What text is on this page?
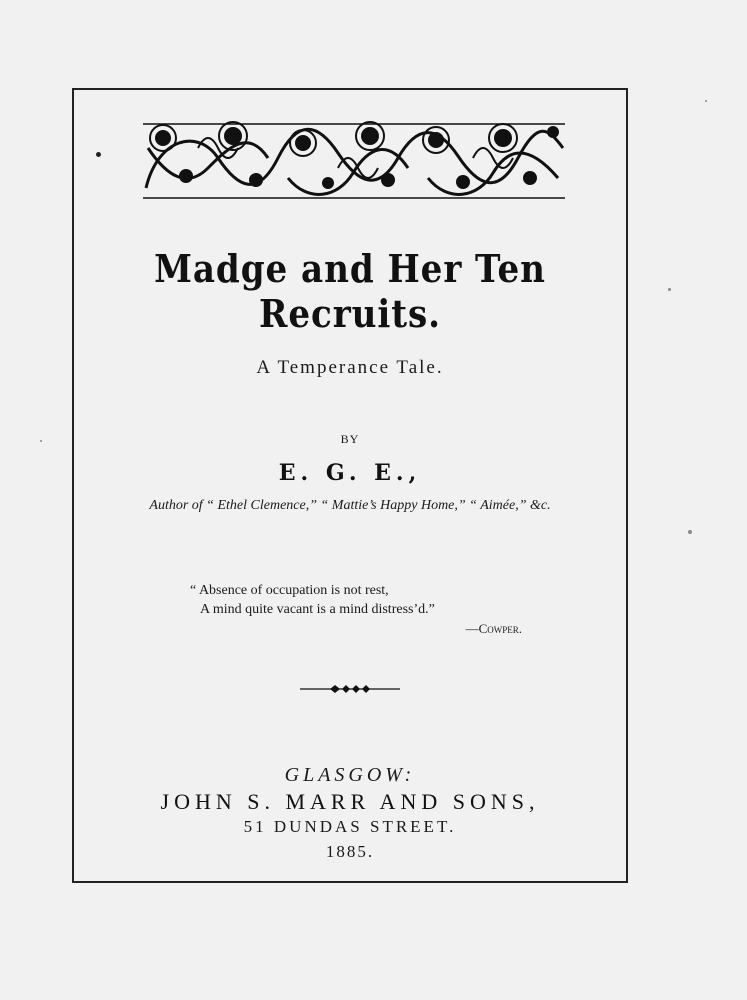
Madge and Her Ten Recruits.
A Temperance Tale.
BY
E. G. E.,
Author of “ Ethel Clemence,” “ Mattie’s Happy Home,” “ Aimée,” &c.
“ Absence of occupation is not rest,
A mind quite vacant is a mind distress’d.”
—Cowper.
GLASGOW:
JOHN S. MARR AND SONS,
51 DUNDAS STREET.
1885.
